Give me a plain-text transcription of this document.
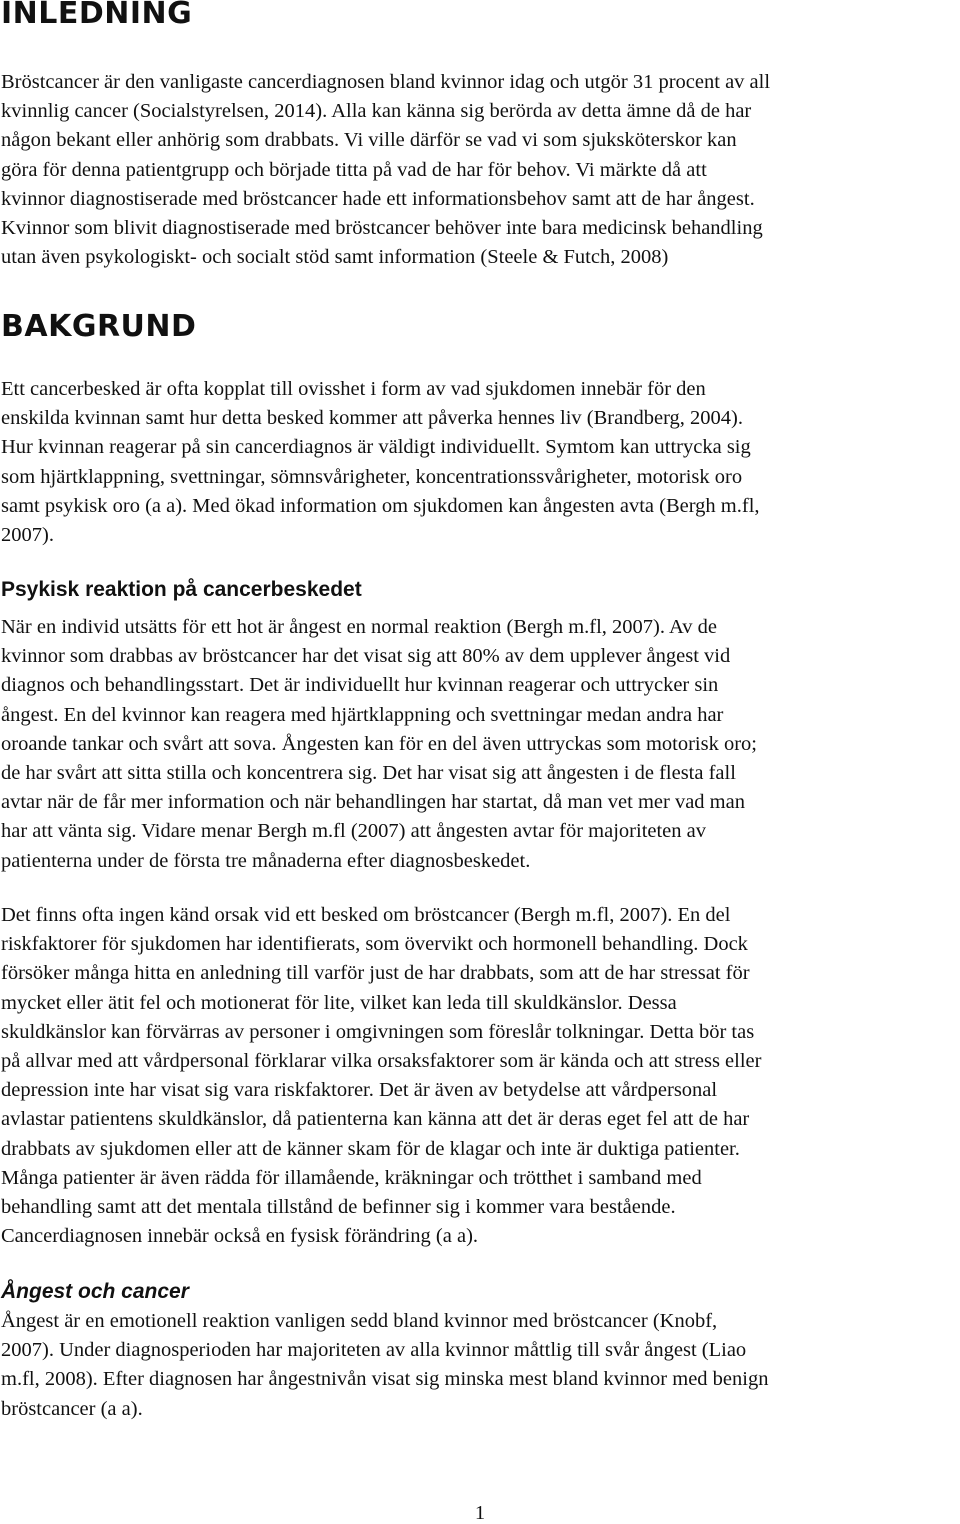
INLEDNING
Bröstcancer är den vanligaste cancerdiagnosen bland kvinnor idag och utgör 31 procent av all
kvinnlig cancer (Socialstyrelsen, 2014). Alla kan känna sig berörda av detta ämne då de har
någon bekant eller anhörig som drabbats. Vi ville därför se vad vi som sjuksköterskor kan
göra för denna patientgrupp och började titta på vad de har för behov. Vi märkte då att
kvinnor diagnostiserade med bröstcancer hade ett informationsbehov samt att de har ångest.
Kvinnor som blivit diagnostiserade med bröstcancer behöver inte bara medicinsk behandling
utan även psykologiskt- och socialt stöd samt information (Steele & Futch, 2008)
BAKGRUND
Ett cancerbesked är ofta kopplat till ovisshet i form av vad sjukdomen innebär för den
enskilda kvinnan samt hur detta besked kommer att påverka hennes liv (Brandberg, 2004).
Hur kvinnan reagerar på sin cancerdiagnos är väldigt individuellt. Symtom kan uttrycka sig
som hjärtklappning, svettningar, sömnsvårigheter, koncentrationssvårigheter, motorisk oro
samt psykisk oro (a a). Med ökad information om sjukdomen kan ångesten avta (Bergh m.fl,
2007).
Psykisk reaktion på cancerbeskedet
När en individ utsätts för ett hot är ångest en normal reaktion (Bergh m.fl, 2007). Av de
kvinnor som drabbas av bröstcancer har det visat sig att 80% av dem upplever ångest vid
diagnos och behandlingsstart. Det är individuellt hur kvinnan reagerar och uttrycker sin
ångest. En del kvinnor kan reagera med hjärtklappning och svettningar medan andra har
oroande tankar och svårt att sova. Ångesten kan för en del även uttryckas som motorisk oro;
de har svårt att sitta stilla och koncentrera sig. Det har visat sig att ångesten i de flesta fall
avtar när de får mer information och när behandlingen har startat, då man vet mer vad man
har att vänta sig. Vidare menar Bergh m.fl (2007) att ångesten avtar för majoriteten av
patienterna under de första tre månaderna efter diagnosbeskedet.
Det finns ofta ingen känd orsak vid ett besked om bröstcancer (Bergh m.fl, 2007). En del
riskfaktorer för sjukdomen har identifierats, som övervikt och hormonell behandling. Dock
försöker många hitta en anledning till varför just de har drabbats, som att de har stressat för
mycket eller ätit fel och motionerat för lite, vilket kan leda till skuldkänslor. Dessa
skuldkänslor kan förvärras av personer i omgivningen som föreslår tolkningar. Detta bör tas
på allvar med att vårdpersonal förklarar vilka orsaksfaktorer som är kända och att stress eller
depression inte har visat sig vara riskfaktorer. Det är även av betydelse att vårdpersonal
avlastar patientens skuldkänslor, då patienterna kan känna att det är deras eget fel att de har
drabbats av sjukdomen eller att de känner skam för de klagar och inte är duktiga patienter.
Många patienter är även rädda för illamående, kräkningar och trötthet i samband med
behandling samt att det mentala tillstånd de befinner sig i kommer vara bestående.
Cancerdiagnosen innebär också en fysisk förändring (a a).
Ångest och cancer
Ångest är en emotionell reaktion vanligen sedd bland kvinnor med bröstcancer (Knobf,
2007). Under diagnosperioden har majoriteten av alla kvinnor måttlig till svår ångest (Liao
m.fl, 2008). Efter diagnosen har ångestnivån visat sig minska mest bland kvinnor med benign
bröstcancer (a a).
1
